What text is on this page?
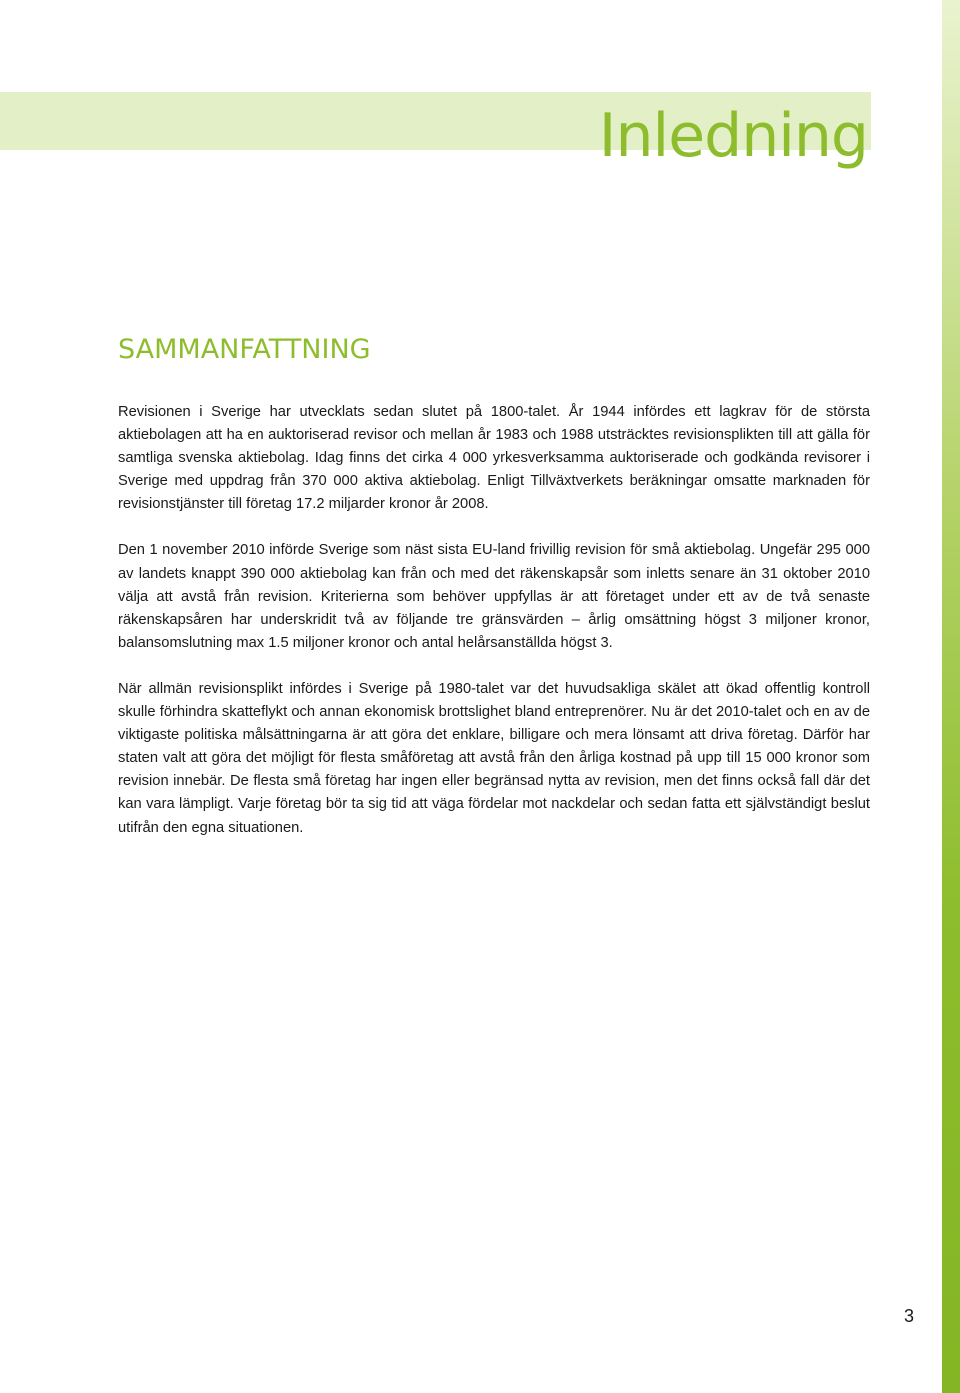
Inledning
SAMMANFATTNING

Revisionen i Sverige har utvecklats sedan slutet på 1800-talet. År 1944 infördes ett lagkrav för de största aktiebolagen att ha en auktoriserad revisor och mellan år 1983 och 1988 utsträcktes revisionsplikten till att gälla för samtliga svenska aktiebolag. Idag finns det cirka 4 000 yrkesverksamma auktoriserade och godkända revisorer i Sverige med uppdrag från 370 000 aktiva aktiebolag. Enligt Tillväxtverkets beräkningar omsatte marknaden för revisionstjänster till företag 17.2 miljarder kronor år 2008.

Den 1 november 2010 införde Sverige som näst sista EU-land frivillig revision för små aktiebolag. Ungefär 295 000 av landets knappt 390 000 aktiebolag kan från och med det räkenskapsår som inletts senare än 31 oktober 2010 välja att avstå från revision. Kriterierna som behöver uppfyllas är att företaget under ett av de två senaste räkenskapsåren har underskridit två av följande tre gränsvärden – årlig omsättning högst 3 miljoner kronor, balansomslutning max 1.5 miljoner kronor och antal helårsanställda högst 3.

När allmän revisionsplikt infördes i Sverige på 1980-talet var det huvudsakliga skälet att ökad offentlig kontroll skulle förhindra skatteflykt och annan ekonomisk brottslighet bland entreprenörer. Nu är det 2010-talet och en av de viktigaste politiska målsättningarna är att göra det enklare, billigare och mera lönsamt att driva företag. Därför har staten valt att göra det möjligt för flesta småföretag att avstå från den årliga kostnad på upp till 15 000 kronor som revision innebär. De flesta små företag har ingen eller begränsad nytta av revision, men det finns också fall där det kan vara lämpligt. Varje företag bör ta sig tid att väga fördelar mot nackdelar och sedan fatta ett självständigt beslut utifrån den egna situationen.

3
